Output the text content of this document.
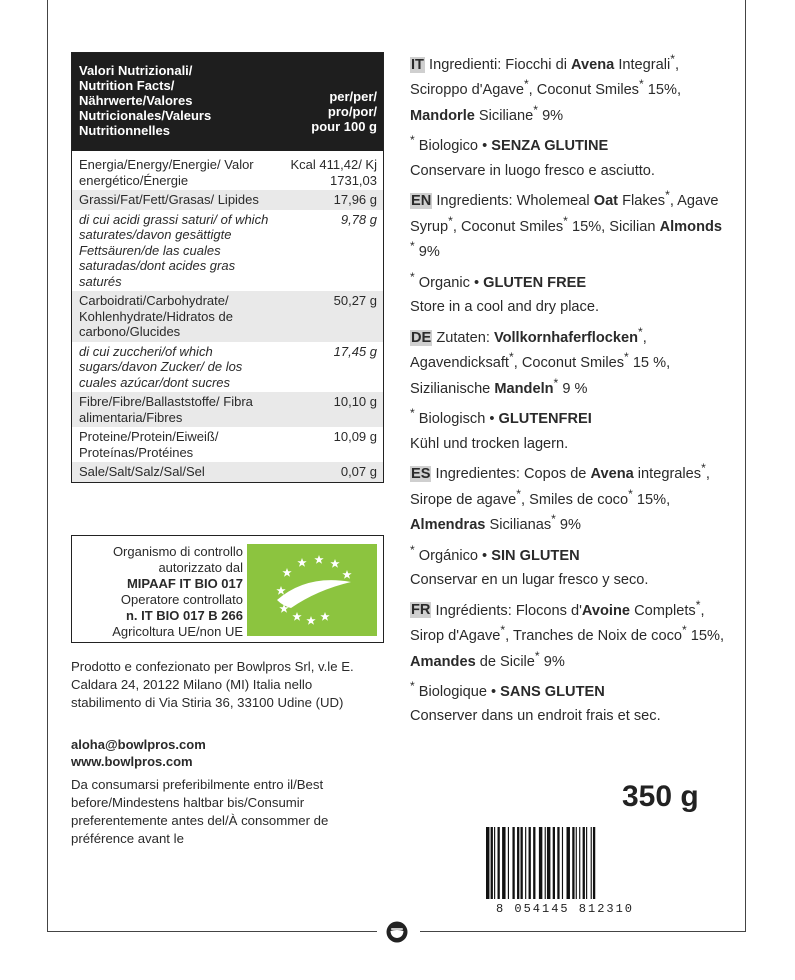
Valori Nutrizionali/
Nutrition Facts/
Nährwerte/Valores
Nutricionales/Valeurs
Nutritionnelles
per/per/
pro/por/
pour 100 g
Energia/Energy/Energie/ Valor energético/Énergie
Kcal 411,42/ Kj 1731,03
Grassi/Fat/Fett/Grasas/ Lipides	17,96 g
di cui acidi grassi saturi/ of which saturates/davon gesättigte Fettsäuren/de las cuales saturadas/dont acides gras saturés
9,78 g
Carboidrati/Carbohydrate/ Kohlenhydrate/Hidratos de carbono/Glucides
50,27 g
di cui zuccheri/of which sugars/davon Zucker/ de los cuales azúcar/dont sucres
17,45 g
Fibre/Fibre/Ballaststoffe/ Fibra alimentaria/Fibres
10,10 g
Proteine/Protein/Eiweiß/ Proteínas/Protéines
10,09 g
Sale/Salt/Salz/Sal/Sel	0,07 g
Organismo di controllo
autorizzato dal
MIPAAF IT BIO 017
Operatore controllato
n. IT BIO 017 B 266
Agricoltura UE/non UE
Prodotto e confezionato per Bowlpros Srl, v.le E. Caldara 24, 20122 Milano (MI) Italia nello stabilimento di Via Stiria 36, 33100 Udine (UD)
aloha@bowlpros.com
www.bowlpros.com
Da consumarsi preferibilmente entro il/Best before/Mindestens haltbar bis/Consumir preferentemente antes del/À consommer de préférence avant le

IT Ingredienti: Fiocchi di Avena Integrali*, Sciroppo d'Agave*, Coconut Smiles* 15%, Mandorle Siciliane* 9%

* Biologico • SENZA GLUTINE

Conservare in luogo fresco e asciutto.

EN Ingredients: Wholemeal Oat Flakes*, Agave Syrup*, Coconut Smiles* 15%, Sicilian Almonds * 9%

* Organic • GLUTEN FREE

Store in a cool and dry place.

DE Zutaten: Vollkornhaferflocken*, Agavendicksaft*, Coconut Smiles* 15 %, Sizilianische Mandeln* 9 %

* Biologisch • GLUTENFREI

Kühl und trocken lagern.

ES Ingredientes: Copos de Avena integrales*, Sirope de agave*, Smiles de coco* 15%, Almendras Sicilianas* 9%

* Orgánico • SIN GLUTEN

Conservar en un lugar fresco y seco.

FR Ingrédients: Flocons d'Avoine Complets*, Sirop d'Agave*, Tranches de Noix de coco* 15%, Amandes de Sicile* 9%

* Biologique • SANS GLUTEN

Conserver dans un endroit frais et sec.

350 g
8 054145 812310
